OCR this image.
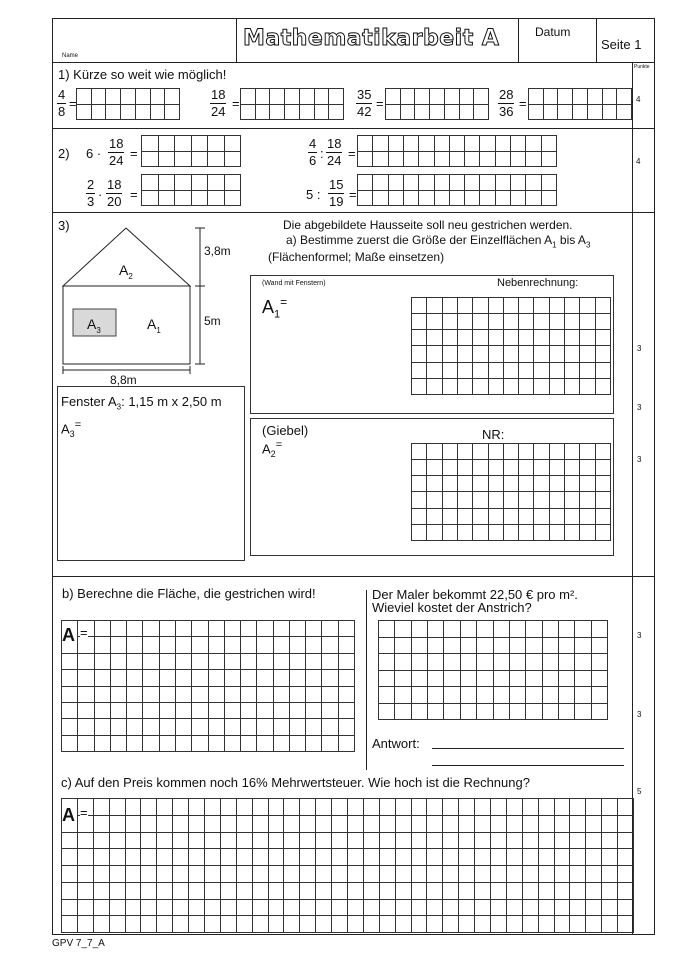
Name
Mathematikarbeit A	Datum
Seite 1
Punkte
1) Kürze so weit wie möglich!
$\frac{4}{8}$ =	$\frac{18}{24}$ =	$\frac{35}{42}$ =	$\frac{28}{36}$ =	4
2) $6 \cdot \frac{18}{24}$ =	$\frac{4}{6}$ : $\frac{18}{24}$ =
$\frac{2}{3} \cdot \frac{18}{20}$ =	5 : $\frac{15}{19}$ =
4
3)	Die abgebildete Hausseite soll neu gestrichen werden.
a) Bestimme zuerst die Größe der Einzelflächen $A_1$ bis $A_3$
(Flächenformel; Maße einsetzen)
$A_2$
$A_1$
$A_3$
3,8m
5m
8,8m
Fenster $A_3$: 1,15 m x 2,50 m
$A_3^=$
(Wand mit Fenstern)	Nebenrechnung:
$A_1^=$
(Giebel)	NR:
$A_2^=$
3
3
3
b) Berechne die Fläche, die gestrichen wird!
A =
Der Maler bekommt 22,50 € pro m².
Wieviel kostet der Anstrich?
Antwort:
3
3
c) Auf den Preis kommen noch 16% Mehrwertsteuer. Wie hoch ist die Rechnung?
A =
5
GPV 7_7_A
